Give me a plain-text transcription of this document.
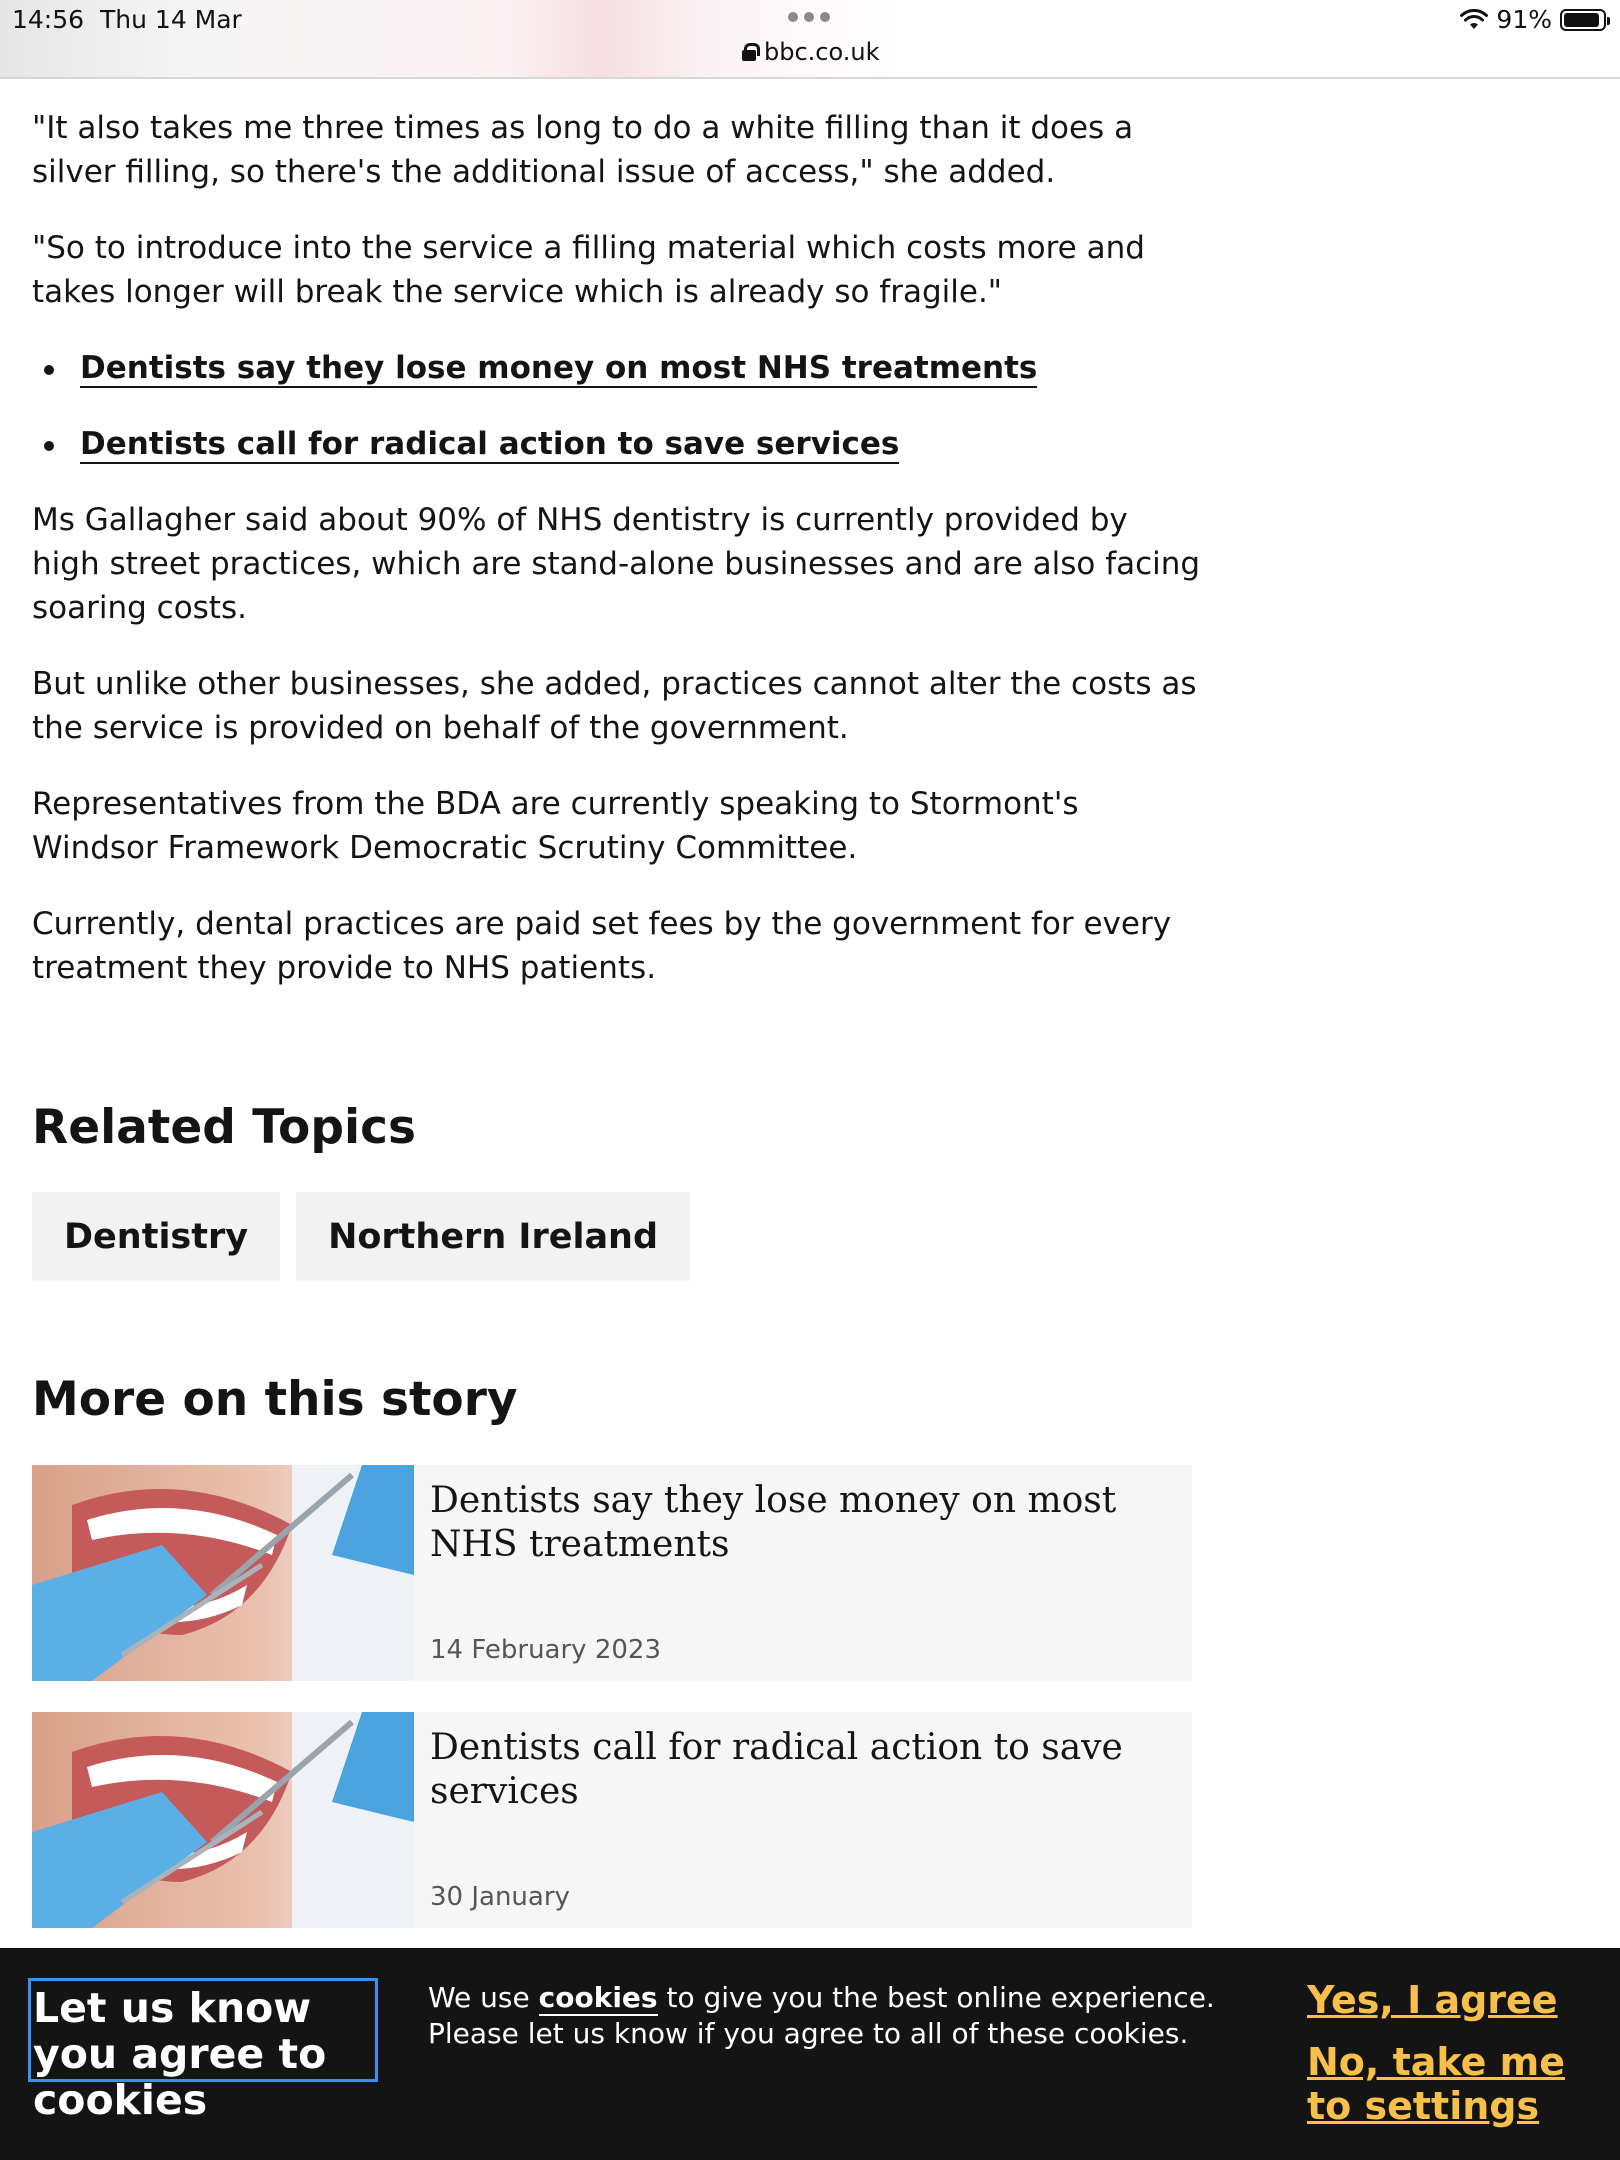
14:56 Thu 14 Mar
bbc.co.uk
91%

"It also takes me three times as long to do a white filling than it does a silver filling, so there's the additional issue of access," she added.

"So to introduce into the service a filling material which costs more and takes longer will break the service which is already so fragile."

Dentists say they lose money on most NHS treatments
Dentists call for radical action to save services

Ms Gallagher said about 90% of NHS dentistry is currently provided by high street practices, which are stand-alone businesses and are also facing soaring costs.

But unlike other businesses, she added, practices cannot alter the costs as the service is provided on behalf of the government.

Representatives from the BDA are currently speaking to Stormont's Windsor Framework Democratic Scrutiny Committee.

Currently, dental practices are paid set fees by the government for every treatment they provide to NHS patients.

Related Topics
Dentistry	Northern Ireland
More on this story
Dentists say they lose money on most NHS treatments
14 February 2023
Dentists call for radical action to save services
30 January
Let us know you agree to cookies

We use cookies to give you the best online experience. Please let us know if you agree to all of these cookies.

Yes, I agree
No, take me to settings
